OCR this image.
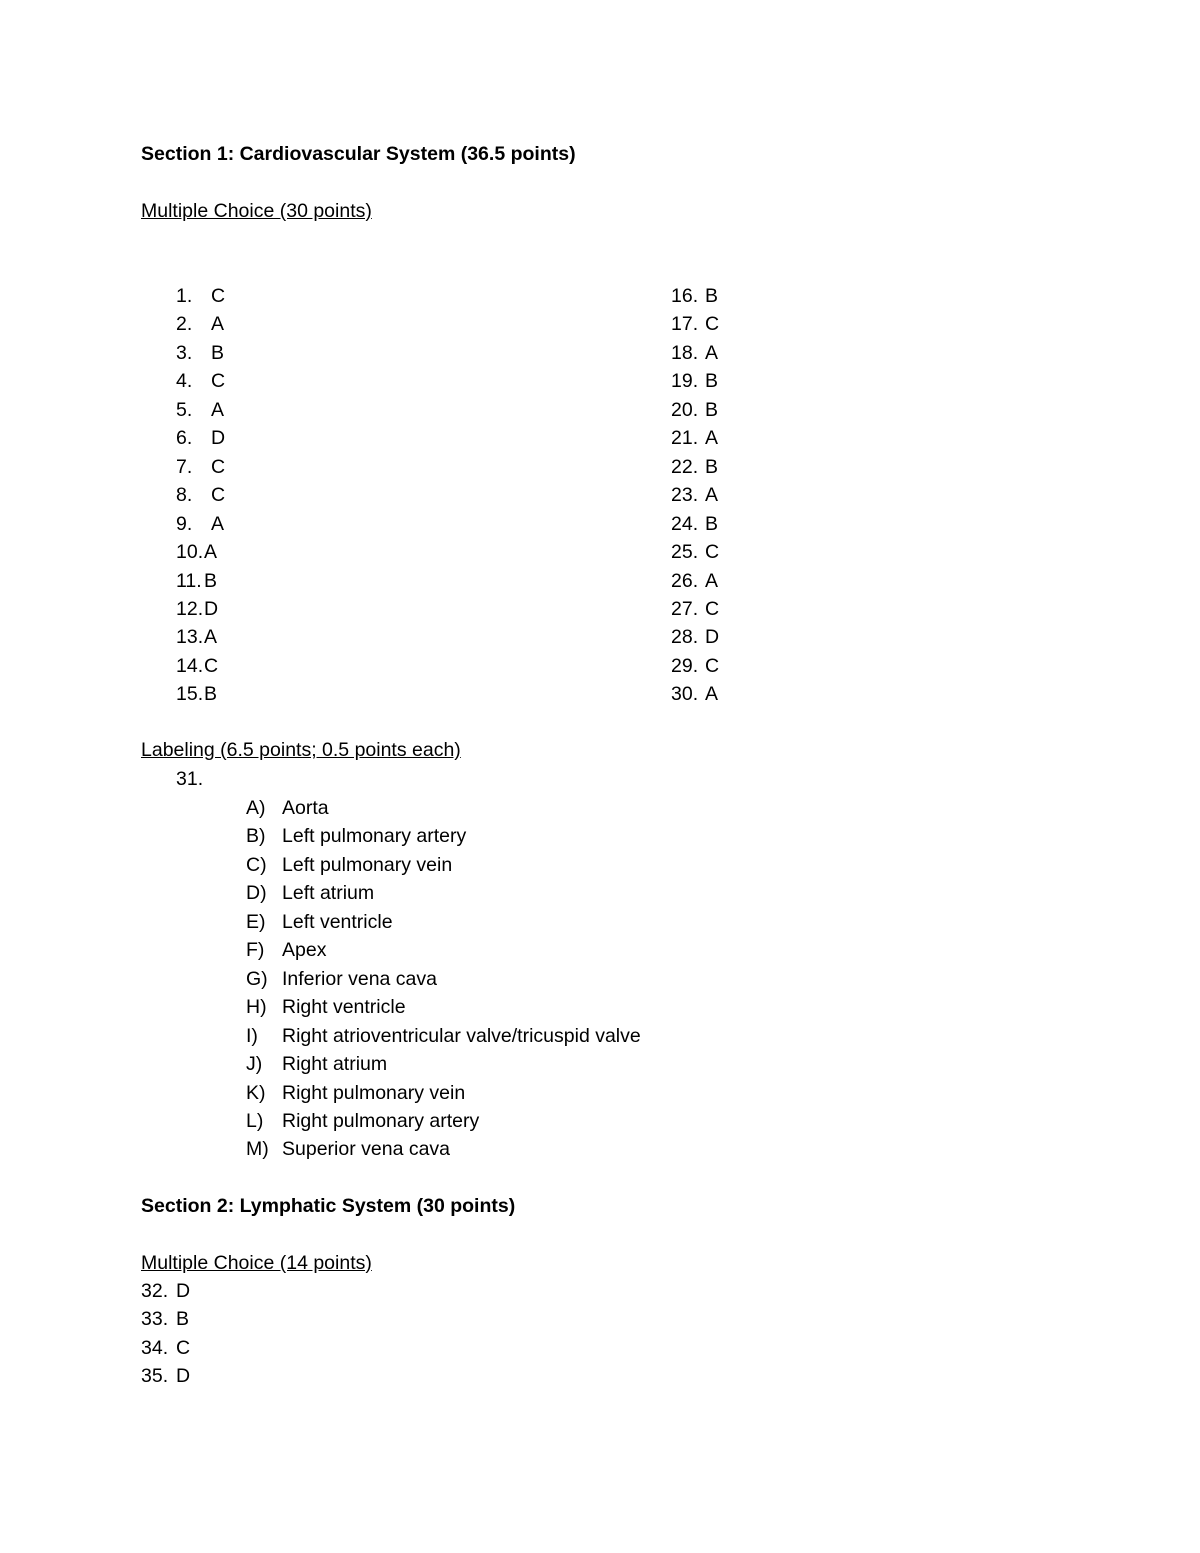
Section 1: Cardiovascular System (36.5 points)
Multiple Choice (30 points)
1. C
2. A
3. B
4. C
5. A
6. D
7. C
8. C
9. A
10. A
11. B
12. D
13. A
14. C
15. B
16. B
17. C
18. A
19. B
20. B
21. A
22. B
23. A
24. B
25. C
26. A
27. C
28. D
29. C
30. A
Labeling (6.5 points; 0.5 points each)
31.
A) Aorta
B) Left pulmonary artery
C) Left pulmonary vein
D) Left atrium
E) Left ventricle
F) Apex
G) Inferior vena cava
H) Right ventricle
I) Right atrioventricular valve/tricuspid valve
J) Right atrium
K) Right pulmonary vein
L) Right pulmonary artery
M) Superior vena cava
Section 2: Lymphatic System (30 points)
Multiple Choice (14 points)
32. D
33. B
34. C
35. D
